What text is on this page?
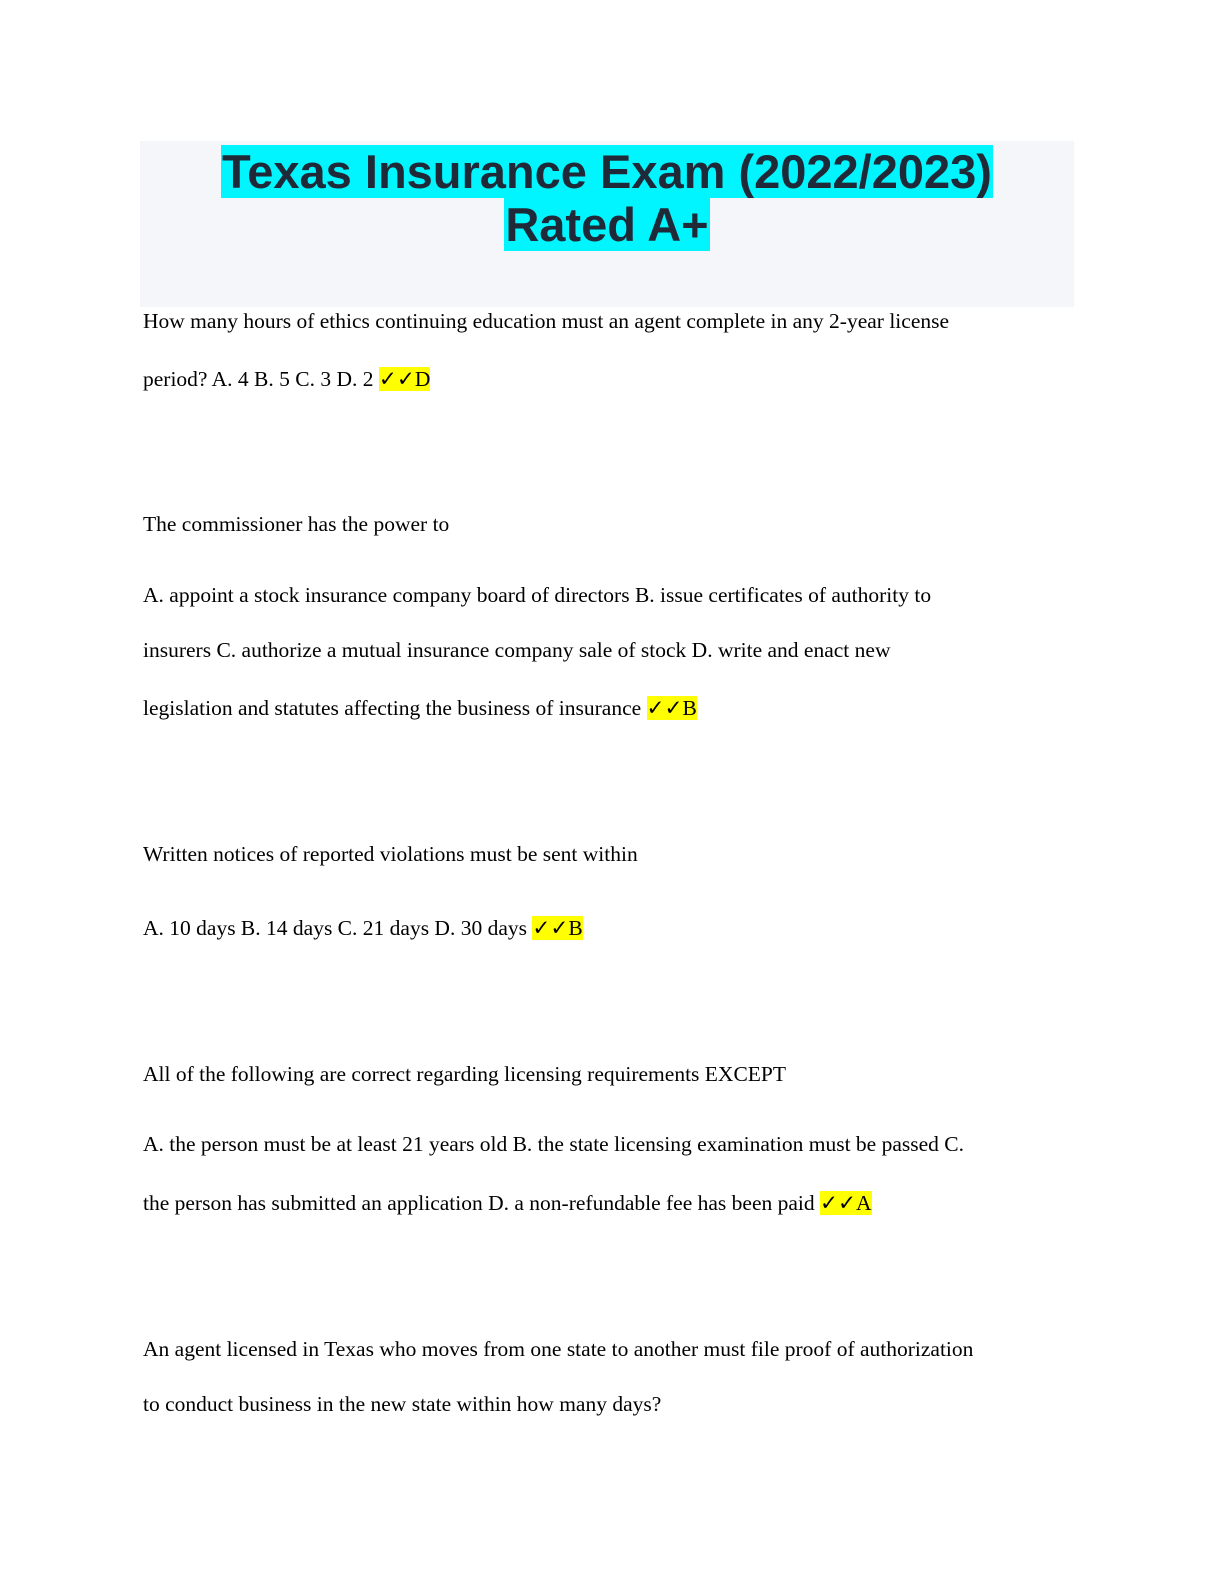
Texas Insurance Exam (2022/2023)
Rated A+
How many hours of ethics continuing education must an agent complete in any 2-year license
period? A. 4 B. 5 C. 3 D. 2 ✓✓D
The commissioner has the power to
A. appoint a stock insurance company board of directors B. issue certificates of authority to
insurers C. authorize a mutual insurance company sale of stock D. write and enact new
legislation and statutes affecting the business of insurance ✓✓B
Written notices of reported violations must be sent within
A. 10 days B. 14 days C. 21 days D. 30 days ✓✓B
All of the following are correct regarding licensing requirements EXCEPT
A. the person must be at least 21 years old B. the state licensing examination must be passed C.
the person has submitted an application D. a non-refundable fee has been paid ✓✓A
An agent licensed in Texas who moves from one state to another must file proof of authorization
to conduct business in the new state within how many days?
